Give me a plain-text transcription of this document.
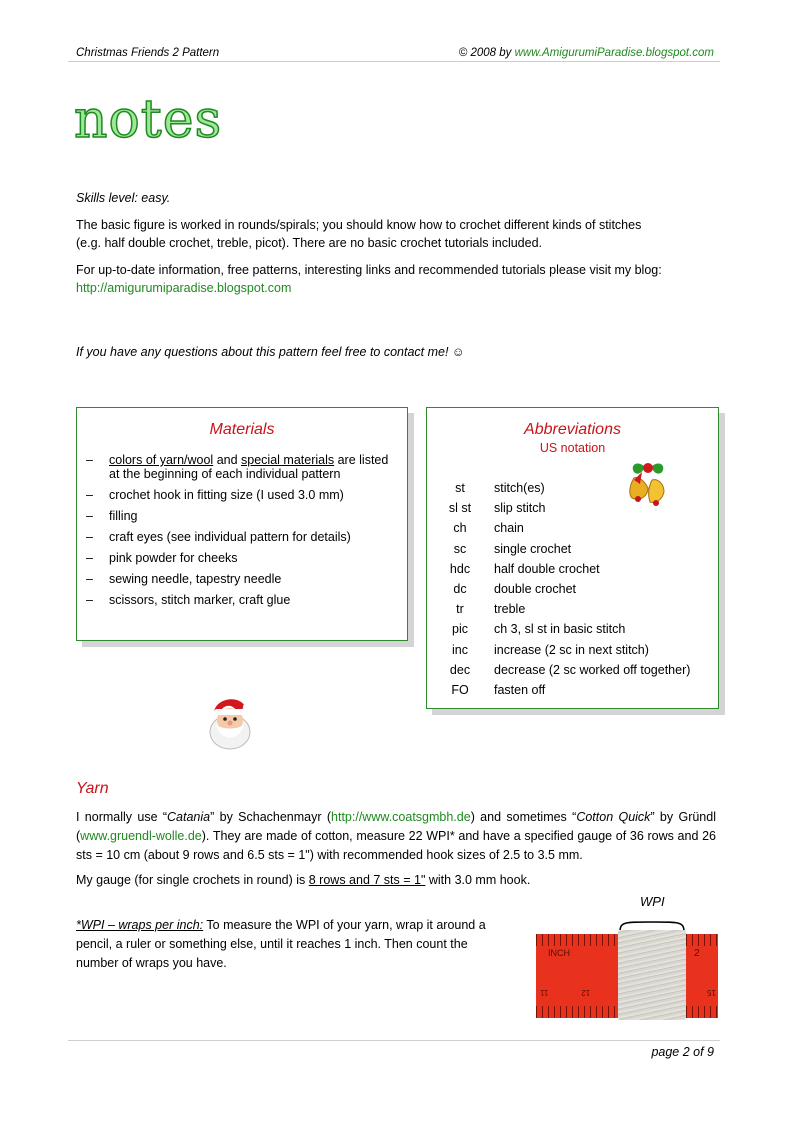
Christmas Friends 2 Pattern	© 2008 by www.AmigurumiParadise.blogspot.com
notes
Skills level: easy.
The basic figure is worked in rounds/spirals; you should know how to crochet different kinds of stitches
(e.g. half double crochet, treble, picot). There are no basic crochet tutorials included.
For up-to-date information, free patterns, interesting links and recommended tutorials please visit my blog:
http://amigurumiparadise.blogspot.com
If you have any questions about this pattern feel free to contact me! ☺
Materials
– colors of yarn/wool and special materials are listed at the beginning of each individual pattern
– crochet hook in fitting size (I used 3.0 mm)
– filling
– craft eyes (see individual pattern for details)
– pink powder for cheeks
– sewing needle, tapestry needle
– scissors, stitch marker, craft glue
Abbreviations
US notation
st	stitch(es)
sl st	slip stitch
ch	chain
sc	single crochet
hdc	half double crochet
dc	double crochet
tr	treble
pic	ch 3, sl st in basic stitch
inc	increase (2 sc in next stitch)
dec	decrease (2 sc worked off together)
FO	fasten off
Yarn
I normally use “Catania” by Schachenmayr (http://www.coatsgmbh.de) and sometimes “Cotton Quick” by Gründl (www.gruendl-wolle.de). They are made of cotton, measure 22 WPI* and have a specified gauge of 36 rows and 26 sts = 10 cm (about 9 rows and 6.5 sts = 1") with recommended hook sizes of 2.5 to 3.5 mm.
My gauge (for single crochets in round) is 8 rows and 7 sts = 1" with 3.0 mm hook.
*WPI – wraps per inch: To measure the WPI of your yarn, wrap it around a pencil, a ruler or something else, until it reaches 1 inch. Then count the number of wraps you have.
WPI
INCH	2
15
12
11
page 2 of 9
